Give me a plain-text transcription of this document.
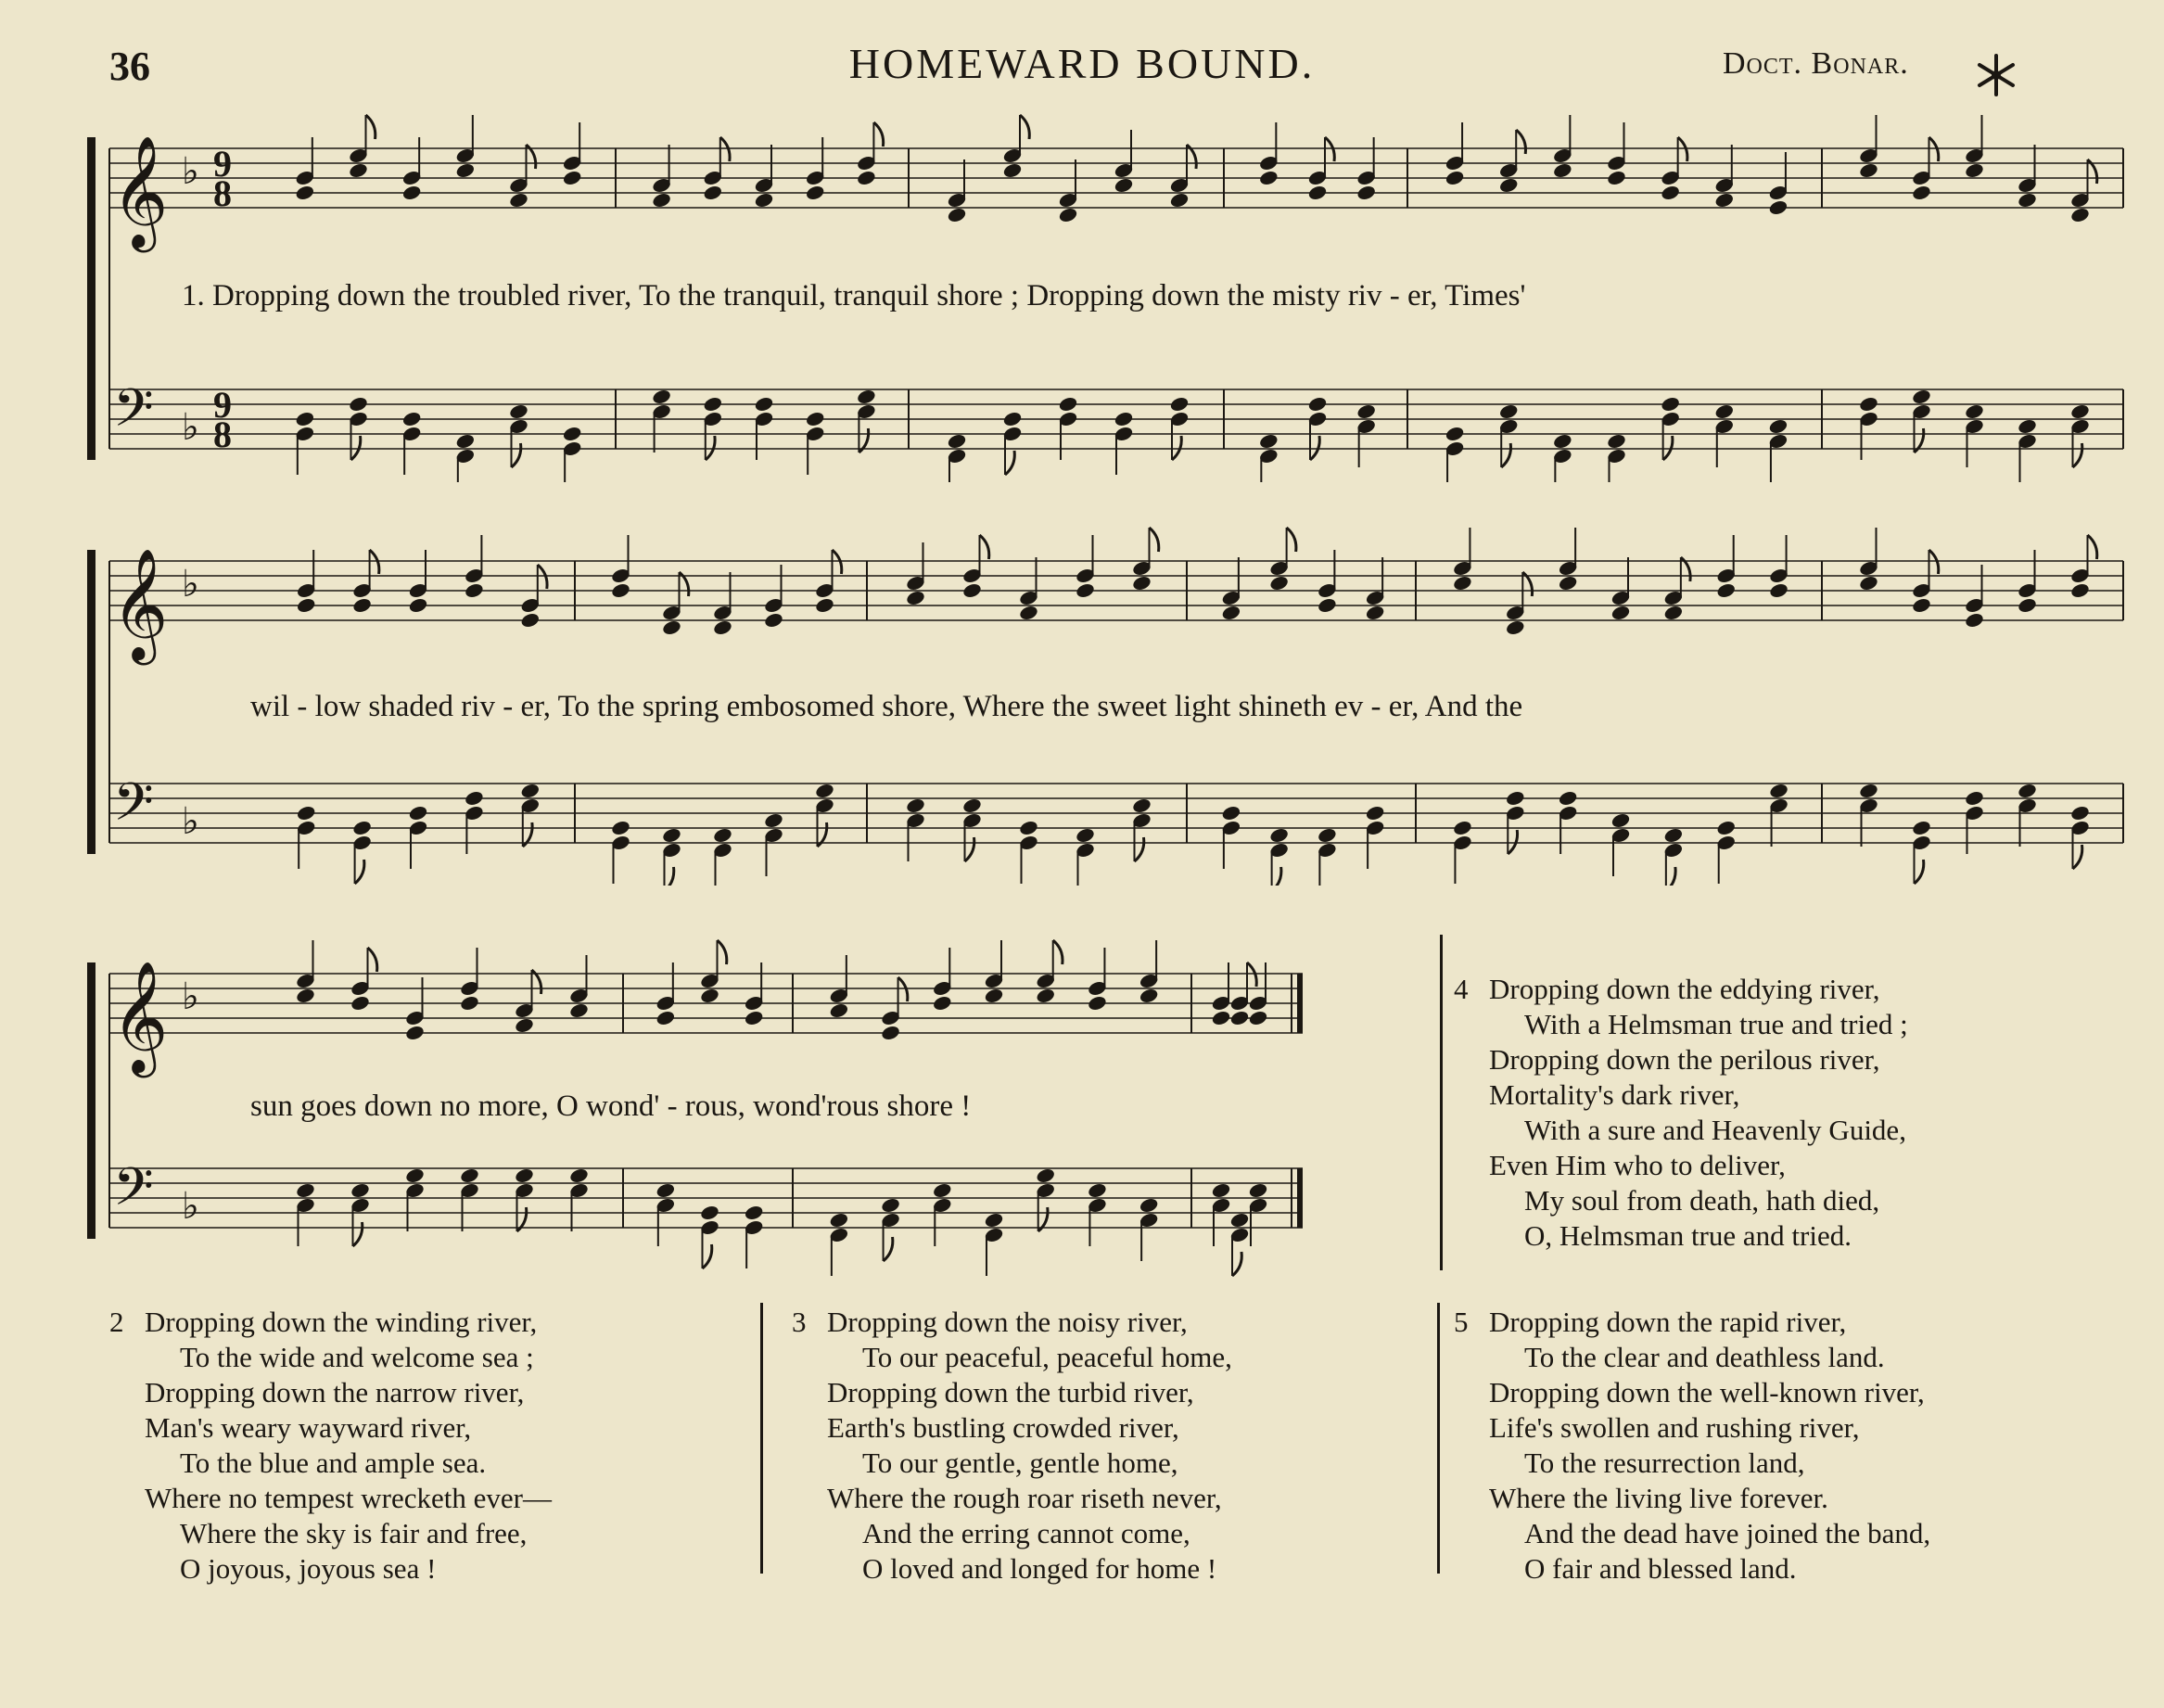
36	HOMEWARD BOUND.	Doct. Bonar.
𝄞
𝄢
♭
♭
9
8
9
8
1. Dropping down the troubled river, To the tranquil, tranquil shore ; Dropping down the misty riv - er, Times'
𝄞
𝄢
♭
♭
wil - low shaded riv - er, To the spring embosomed shore, Where the sweet light shineth ev - er, And the
𝄞
𝄢
♭
♭
sun goes down no more, O wond' - rous, wond'rous shore !
4 Dropping down the eddying river,
With a Helmsman true and tried ;
Dropping down the perilous river,
Mortality's dark river,
With a sure and Heavenly Guide,
Even Him who to deliver,
My soul from death, hath died,
O, Helmsman true and tried.
2 Dropping down the winding river,
To the wide and welcome sea ;
Dropping down the narrow river,
Man's weary wayward river,
To the blue and ample sea.
Where no tempest wrecketh ever—
Where the sky is fair and free,
O joyous, joyous sea !
3 Dropping down the noisy river,
To our peaceful, peaceful home,
Dropping down the turbid river,
Earth's bustling crowded river,
To our gentle, gentle home,
Where the rough roar riseth never,
And the erring cannot come,
O loved and longed for home !
5 Dropping down the rapid river,
To the clear and deathless land.
Dropping down the well-known river,
Life's swollen and rushing river,
To the resurrection land,
Where the living live forever.
And the dead have joined the band,
O fair and blessed land.
